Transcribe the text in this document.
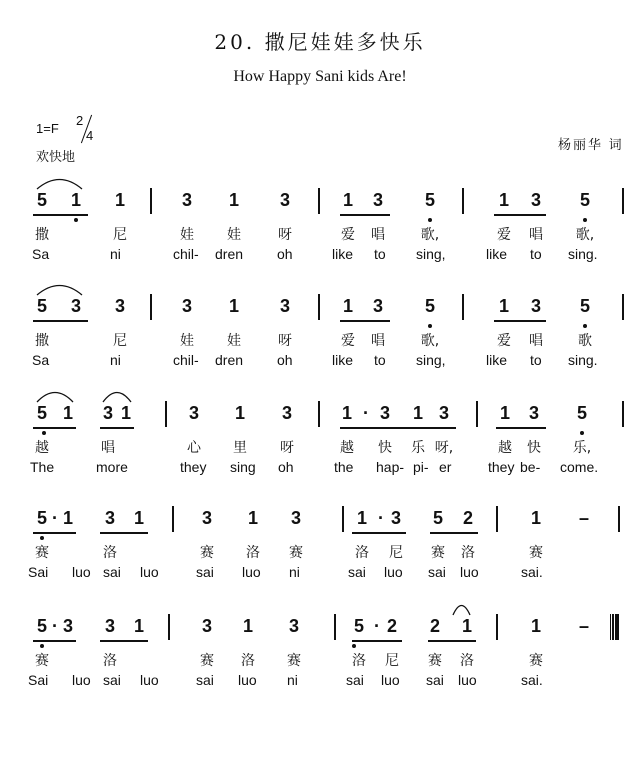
20. 撒尼娃娃多快乐
How Happy Sani kids Are!
1=F
2
4
欢快地
杨丽华 词
5 1 1	3 1 3	1 3 5	1 3 5
撒	尼	娃	娃	呀	爱	唱	歌,	爱	唱	歌,
Sa	ni	chil- dren oh	like to sing,	like to sing.
5 3 3	3 1 3	1 3 5	1 3 5
撒	尼	娃	娃	呀	爱	唱	歌,	爱	唱	歌
Sa	ni	chil- dren oh	like to sing,	like to sing.
5 1 3 1	3 1 3	1 · 3 1 3	1 3 5
越	唱	心	里	呀	越	快	乐 呀,	越	快	乐,
The	more	they sing oh	the hap- pi- er	they be- come.
5 · 1 3 1	3 1 3	1 · 3 5 2	1 –
赛	洛	赛	洛	赛	洛	尼	赛	洛	赛
Sai luo sai luo	sai luo ni	sai luo sai luo	sai.
5 · 3 3 1	3 1 3	5 · 2 2 1	1 –
赛	洛	赛	洛	赛	洛	尼	赛	洛	赛
Sai luo sai luo	sai luo ni	sai luo sai luo	sai.
